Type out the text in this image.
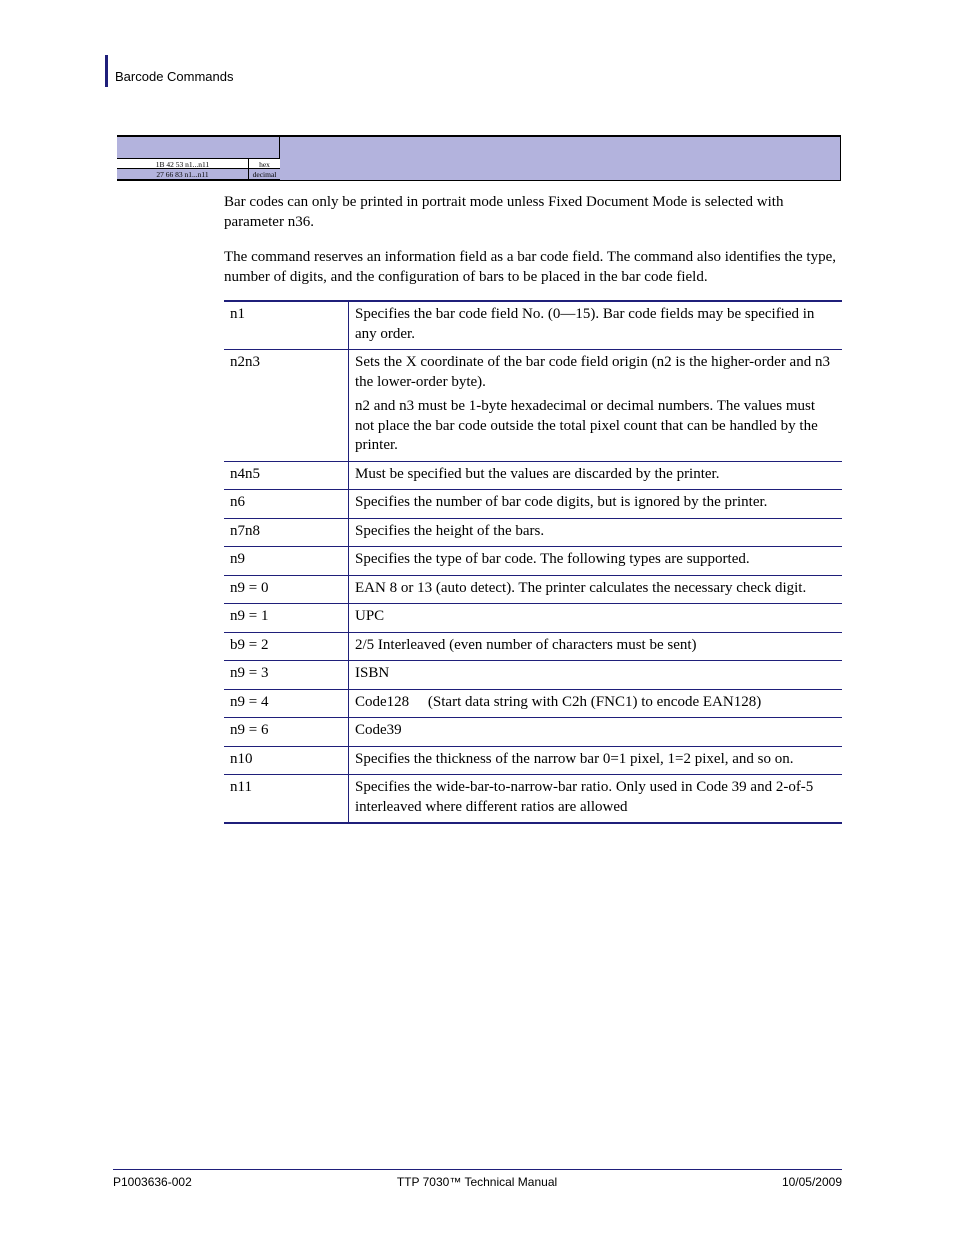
Barcode Commands
1B 42 53 n1...n11	hex
27 66 83 n1...n11	decimal

Bar codes can only be printed in portrait mode unless Fixed Document Mode is selected with parameter n36.

The command reserves an information field as a bar code field. The command also identifies the type, number of digits, and the configuration of bars to be placed in the bar code field.

n1	Specifies the bar code field No. (0—15). Bar code fields may be specified in any order.

n2n3	Sets the X coordinate of the bar code field origin (n2 is the higher-order and n3 the lower-order byte).

n2 and n3 must be 1-byte hexadecimal or decimal numbers. The values must not place the bar code outside the total pixel count that can be handled by the printer.

n4n5	Must be specified but the values are discarded by the printer.

n6	Specifies the number of bar code digits, but is ignored by the printer.

n7n8	Specifies the height of the bars.

n9	Specifies the type of bar code. The following types are supported.

n9 = 0	EAN 8 or 13 (auto detect). The printer calculates the necessary check digit.

n9 = 1	UPC

b9 = 2	2/5 Interleaved (even number of characters must be sent)

n9 = 3	ISBN

n9 = 4	Code128  (Start data string with C2h (FNC1) to encode EAN128)

n9 = 6	Code39

n10	Specifies the thickness of the narrow bar 0=1 pixel, 1=2 pixel, and so on.

n11	Specifies the wide-bar-to-narrow-bar ratio. Only used in Code 39 and 2-of-5 interleaved where different ratios are allowed

P1003636-002	TTP 7030™ Technical Manual	10/05/2009
